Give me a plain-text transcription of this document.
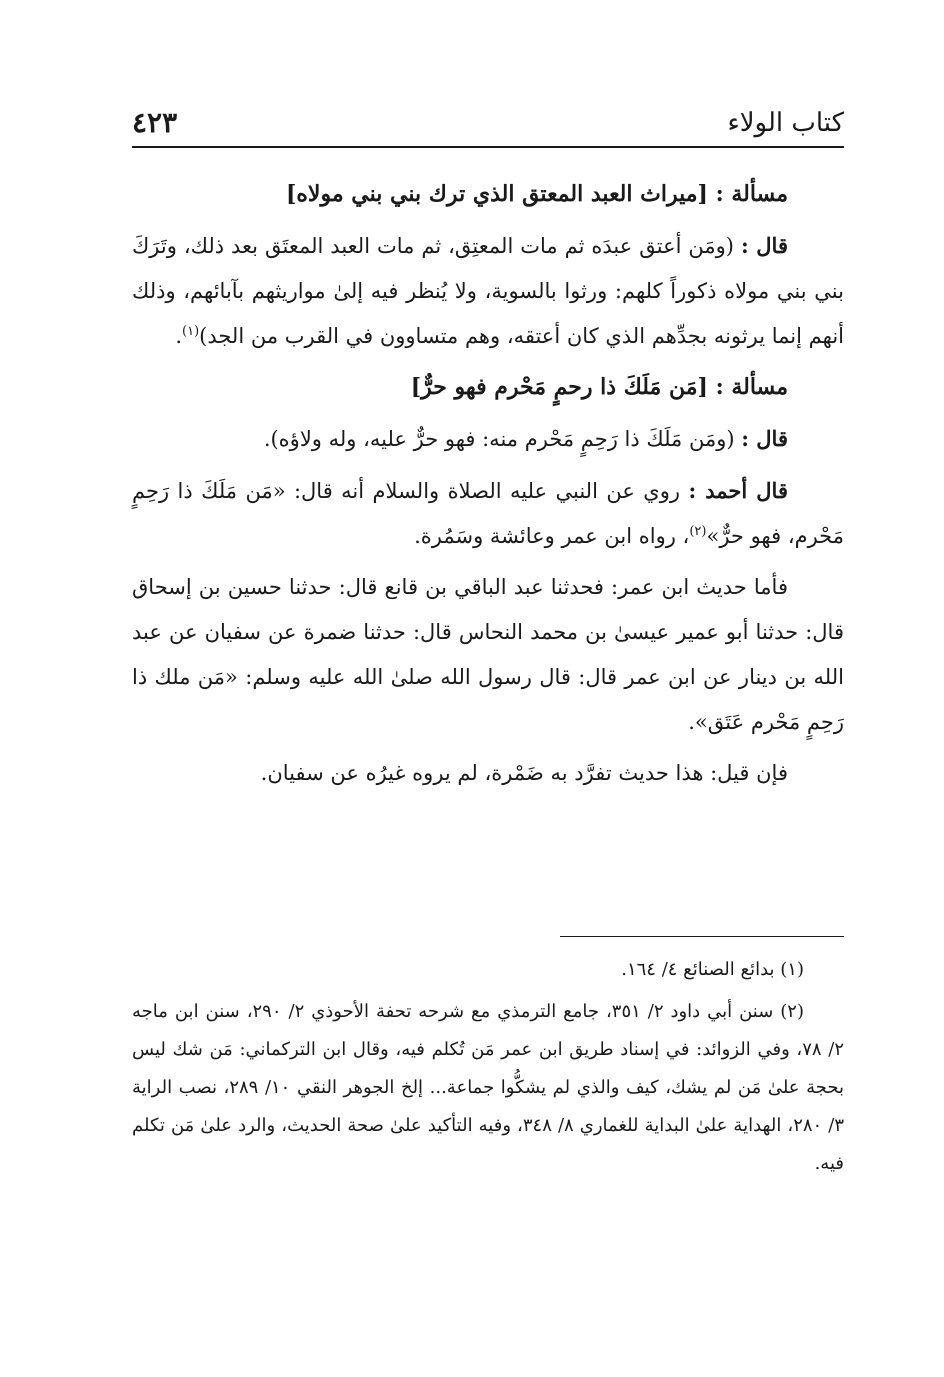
كتاب الولاء
٤٢٣

مسألة : [ميراث العبد المعتق الذي ترك بني بني مولاه]

قال : (ومَن أعتق عبدَه ثم مات المعتِق، ثم مات العبد المعتَق بعد ذلك، وتَرَكَ بني بني مولاه ذكوراً كلهم: ورثوا بالسوية، ولا يُنظر فيه إلىٰ مواريثهم بآبائهم، وذلك أنهم إنما يرثونه بجدِّهم الذي كان أعتقه، وهم متساوون في القرب من الجد)$^{(١)}$.

مسألة : [مَن مَلَكَ ذا رحمٍ مَحْرم فهو حرٌّ]

قال : (ومَن مَلَكَ ذا رَحِمٍ مَحْرم منه: فهو حرٌّ عليه، وله ولاؤه).

قال أحمد : روي عن النبي عليه الصلاة والسلام أنه قال: «مَن مَلَكَ ذا رَحِمٍ مَحْرم، فهو حرٌّ»$^{(٢)}$، رواه ابن عمر وعائشة وسَمُرة.

فأما حديث ابن عمر: فحدثنا عبد الباقي بن قانع قال: حدثنا حسين بن إسحاق قال: حدثنا أبو عمير عيسىٰ بن محمد النحاس قال: حدثنا ضمرة عن سفيان عن عبد الله بن دينار عن ابن عمر قال: قال رسول الله صلىٰ الله عليه وسلم: «مَن ملك ذا رَحِمٍ مَحْرم عَتَق».

فإن قيل: هذا حديث تفرَّد به ضَمْرة، لم يروه غيرُه عن سفيان.

(١) بدائع الصنائع ٤/ ١٦٤.

(٢) سنن أبي داود ٢/ ٣٥١، جامع الترمذي مع شرحه تحفة الأحوذي ٢/ ٢٩٠، سنن ابن ماجه ٢/ ٧٨، وفي الزوائد: في إسناد طريق ابن عمر مَن تُكلم فيه، وقال ابن التركماني: مَن شك ليس بحجة علىٰ مَن لم يشك، كيف والذي لم يشكُّوا جماعة... إلخ الجوهر النقي ١٠/ ٢٨٩، نصب الراية ٣/ ٢٨٠، الهداية علىٰ البداية للغماري ٨/ ٣٤٨، وفيه التأكيد علىٰ صحة الحديث، والرد علىٰ مَن تكلم فيه.
